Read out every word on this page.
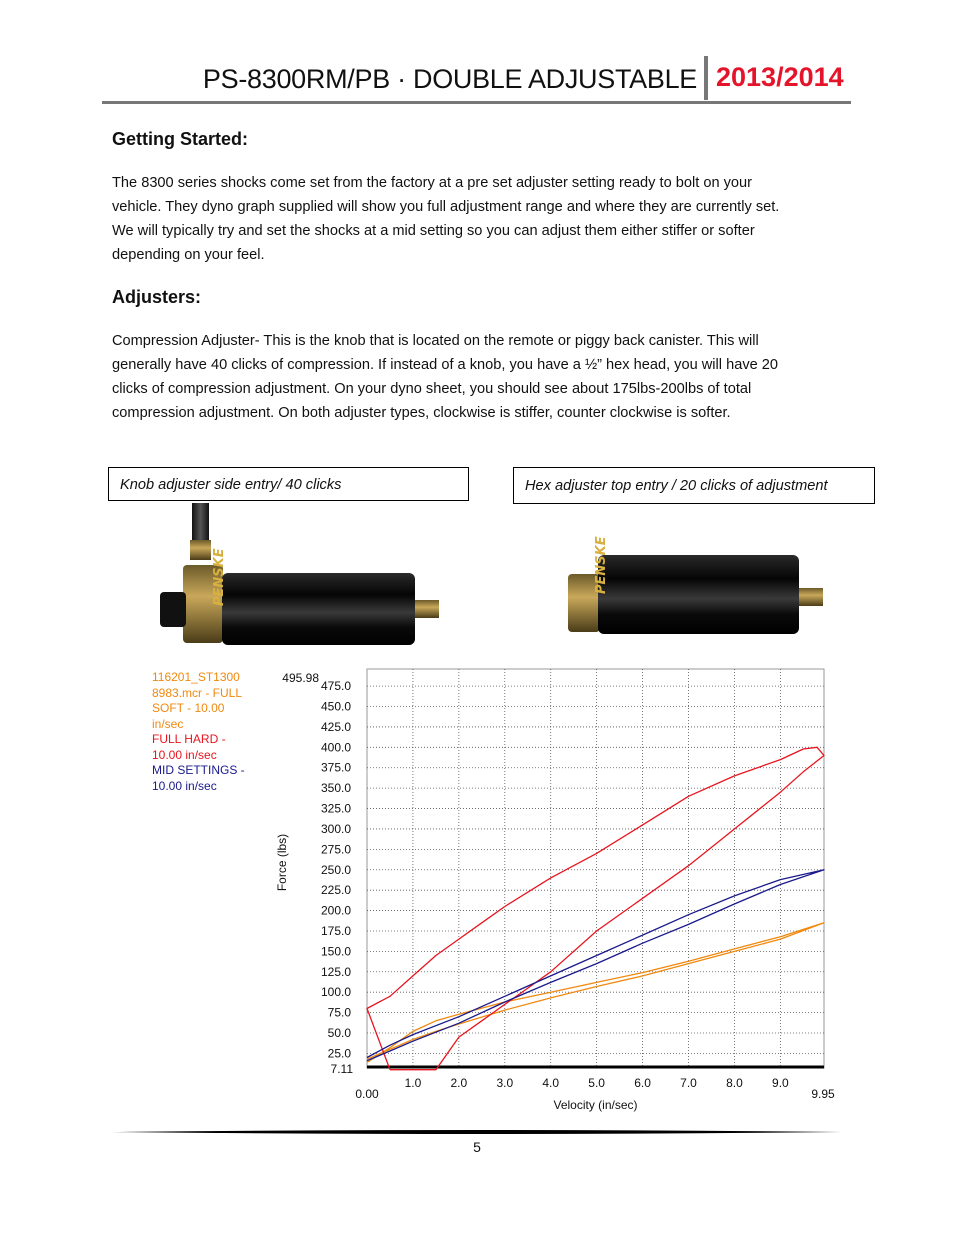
PS-8300RM/PB · DOUBLE ADJUSTABLE 2013/2014
Getting Started:
The 8300 series shocks come set from the factory at a pre set adjuster setting ready to bolt on your
vehicle. They dyno graph supplied will show you full adjustment range and where they are currently set.
We will typically try and set the shocks at a mid setting so you can adjust them either stiffer or softer
depending on your feel.
Adjusters:
Compression Adjuster- This is the knob that is located on the remote or piggy back canister. This will
generally have 40 clicks of compression. If instead of a knob, you have a ½” hex head, you will have 20
clicks of compression adjustment. On your dyno sheet, you should see about 175lbs-200lbs of total
compression adjustment. On both adjuster types, clockwise is stiffer, counter clockwise is softer.
Knob adjuster side entry/ 40 clicks	Hex adjuster top entry / 20 clicks of adjustment
PENSKE	PENSKE
116201_ST1300 8983.mcr - FULL SOFT - 10.00 in/sec
FULL HARD - 10.00 in/sec
MID SETTINGS - 10.00 in/sec
1.0 2.0 3.0 4.0 5.0 6.0 7.0 8.0 9.0
25.0
50.0
75.0
100.0
125.0
150.0
175.0
200.0
225.0
250.0
275.0
300.0
325.0
350.0
375.0
400.0
425.0
450.0
475.0
0.00	9.95
7.11
495.98
Velocity (in/sec)
Force (lbs)
5
